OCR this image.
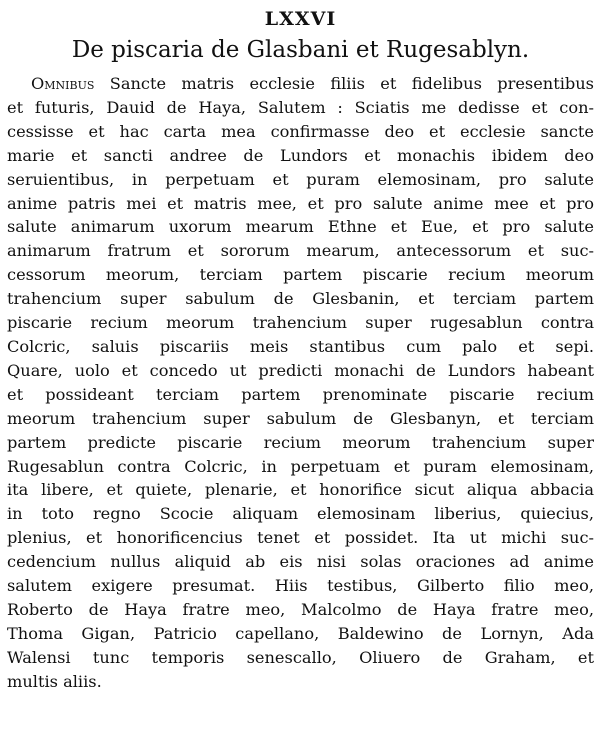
LXXVI
De piscaria de Glasbani et Rugesablyn.
Omnibus Sancte matris ecclesie filiis et fidelibus presentibus
et futuris, Dauid de Haya, Salutem : Sciatis me dedisse et con-
cessisse et hac carta mea confirmasse deo et ecclesie sancte
marie et sancti andree de Lundors et monachis ibidem deo
seruientibus, in perpetuam et puram elemosinam, pro salute
anime patris mei et matris mee, et pro salute anime mee et pro
salute animarum uxorum mearum Ethne et Eue, et pro salute
animarum fratrum et sororum mearum, antecessorum et suc-
cessorum meorum, terciam partem piscarie recium meorum
trahencium super sabulum de Glesbanin, et terciam partem
piscarie recium meorum trahencium super rugesablun contra
Colcric, saluis piscariis meis stantibus cum palo et sepi.
Quare, uolo et concedo ut predicti monachi de Lundors habeant
et possideant terciam partem prenominate piscarie recium
meorum trahencium super sabulum de Glesbanyn, et terciam
partem predicte piscarie recium meorum trahencium super
Rugesablun contra Colcric, in perpetuam et puram elemosinam,
ita libere, et quiete, plenarie, et honorifice sicut aliqua abbacia
in toto regno Scocie aliquam elemosinam liberius, quiecius,
plenius, et honorificencius tenet et possidet. Ita ut michi suc-
cedencium nullus aliquid ab eis nisi solas oraciones ad anime
salutem exigere presumat. Hiis testibus, Gilberto filio meo,
Roberto de Haya fratre meo, Malcolmo de Haya fratre meo,
Thoma Gigan, Patricio capellano, Baldewino de Lornyn, Ada
Walensi tunc temporis senescallo, Oliuero de Graham, et
multis aliis.
